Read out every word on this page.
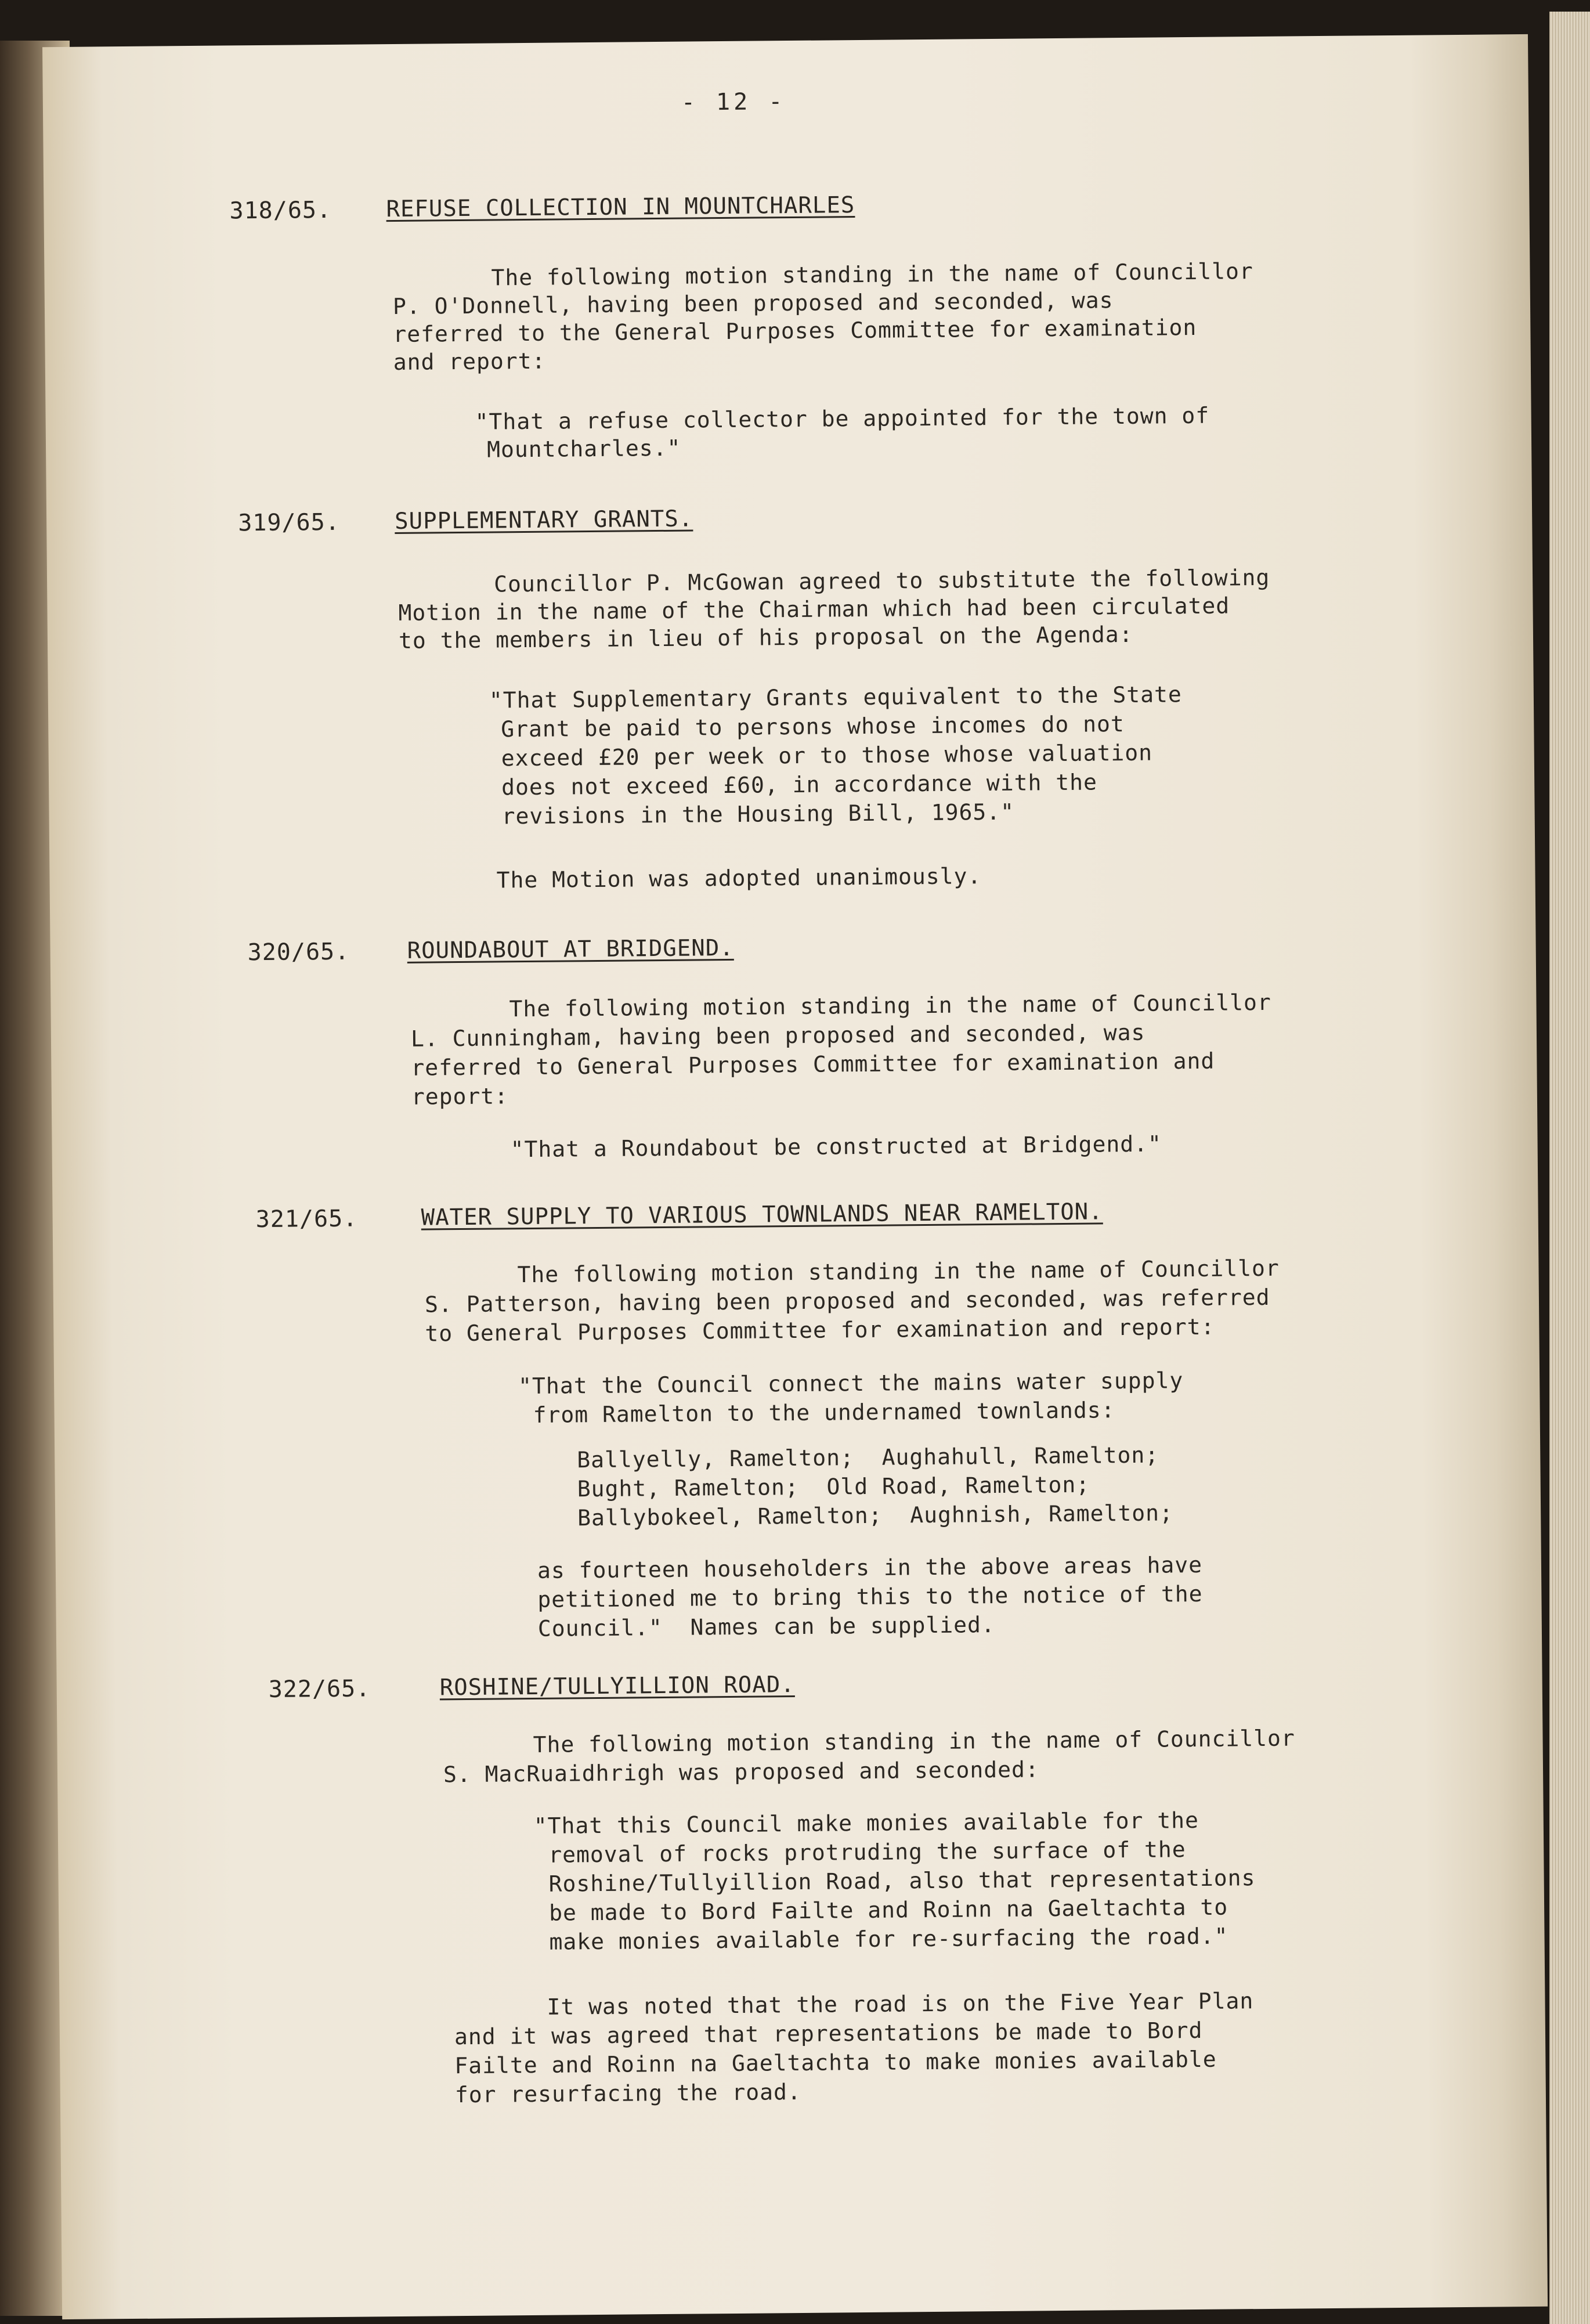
- 12 -
318/65. REFUSE COLLECTION IN MOUNTCHARLES
The following motion standing in the name of Councillor
P. O'Donnell, having been proposed and seconded, was
referred to the General Purposes Committee for examination
and report:
"That a refuse collector be appointed for the town of
Mountcharles."
319/65. SUPPLEMENTARY GRANTS.
Councillor P. McGowan agreed to substitute the following
Motion in the name of the Chairman which had been circulated
to the members in lieu of his proposal on the Agenda:
"That Supplementary Grants equivalent to the State
Grant be paid to persons whose incomes do not
exceed £20 per week or to those whose valuation
does not exceed £60, in accordance with the
revisions in the Housing Bill, 1965."
The Motion was adopted unanimously.
320/65.	ROUNDABOUT AT BRIDGEND.
The following motion standing in the name of Councillor
L. Cunningham, having been proposed and seconded, was
referred to General Purposes Committee for examination and
report:
"That a Roundabout be constructed at Bridgend."
321/65.	WATER SUPPLY TO VARIOUS TOWNLANDS NEAR RAMELTON.
The following motion standing in the name of Councillor
S. Patterson, having been proposed and seconded, was referred
to General Purposes Committee for examination and report:
"That the Council connect the mains water supply
from Ramelton to the undernamed townlands:
Ballyelly, Ramelton;  Aughahull, Ramelton;
Bught, Ramelton;  Old Road, Ramelton;
Ballybokeel, Ramelton;  Aughnish, Ramelton;
as fourteen householders in the above areas have
petitioned me to bring this to the notice of the
Council."  Names can be supplied.
322/65.	ROSHINE/TULLYILLION ROAD.
The following motion standing in the name of Councillor
S. MacRuaidhrigh was proposed and seconded:
"That this Council make monies available for the
removal of rocks protruding the surface of the
Roshine/Tullyillion Road, also that representations
be made to Bord Failte and Roinn na Gaeltachta to
make monies available for re-surfacing the road."
It was noted that the road is on the Five Year Plan
and it was agreed that representations be made to Bord
Failte and Roinn na Gaeltachta to make monies available
for resurfacing the road.
